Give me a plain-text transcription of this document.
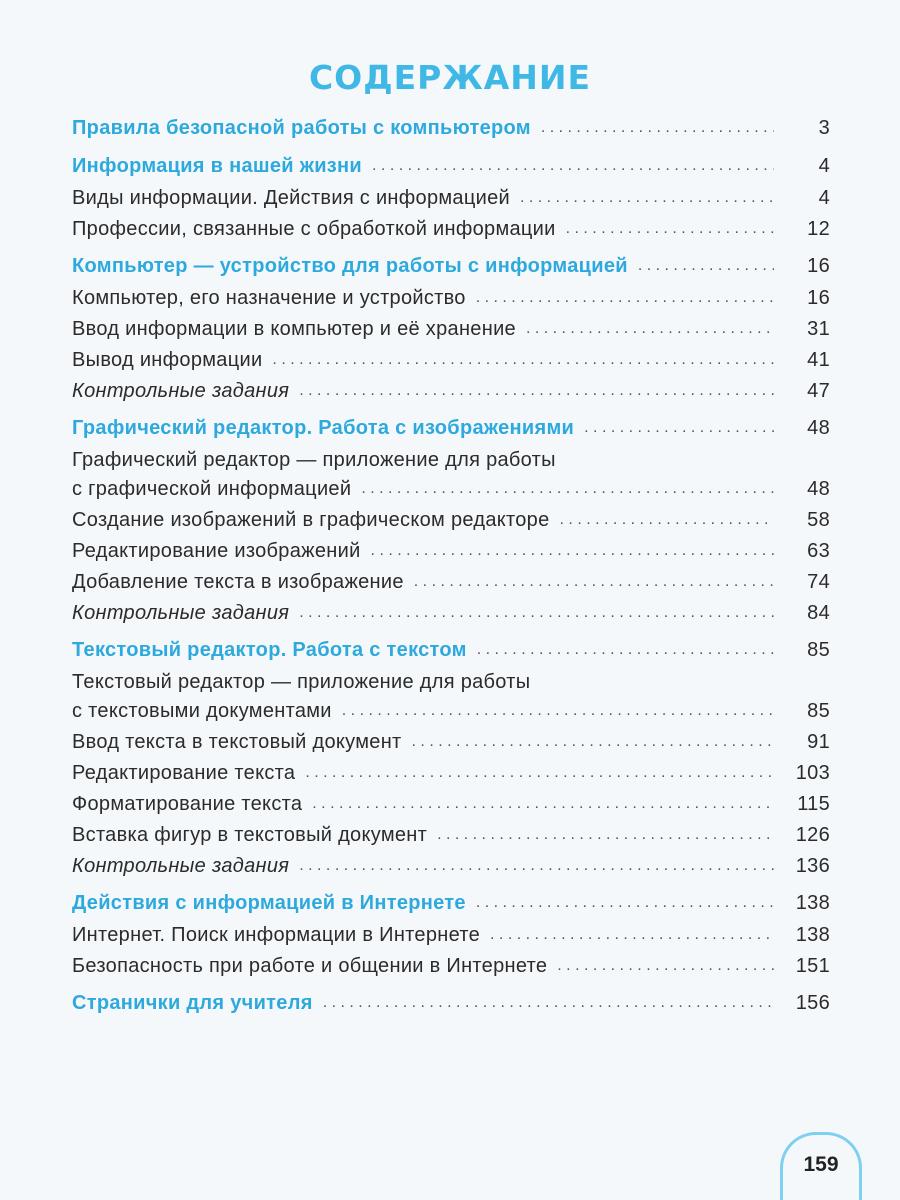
СОДЕРЖАНИЕ
Правила безопасной работы с компьютером . . .	3
Информация в нашей жизни . . .	4
Виды информации. Действия с информацией . . .	4
Профессии, связанные с обработкой информации . . .	12
Компьютер — устройство для работы с информацией . . .	16
Компьютер, его назначение и устройство . . .	16
Ввод информации в компьютер и её хранение . . .	31
Вывод информации . . .	41
Контрольные задания . . .	47
Графический редактор. Работа с изображениями . . .	48
Графический редактор — приложение для работы
с графической информацией . . .	48
Создание изображений в графическом редакторе . . .	58
Редактирование изображений . . .	63
Добавление текста в изображение . . .	74
Контрольные задания . . .	84
Текстовый редактор. Работа с текстом . . .	85
Текстовый редактор — приложение для работы
с текстовыми документами . . .	85
Ввод текста в текстовый документ . . .	91
Редактирование текста . . .	103
Форматирование текста . . .	115
Вставка фигур в текстовый документ . . .	126
Контрольные задания . . .	136
Действия с информацией в Интернете . . .	138
Интернет. Поиск информации в Интернете . . .	138
Безопасность при работе и общении в Интернете . . .	151
Странички для учителя . . .	156
159
